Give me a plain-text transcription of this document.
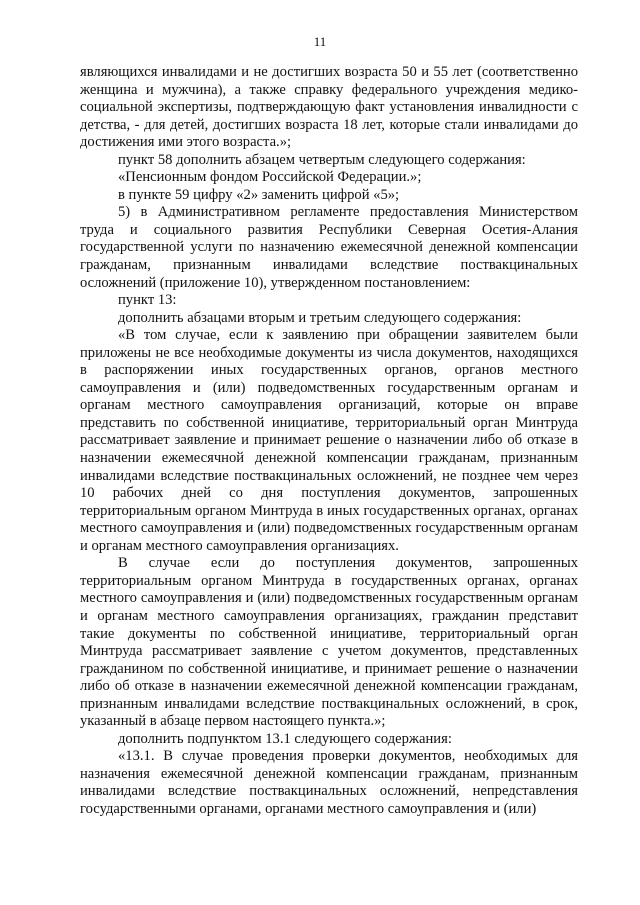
11

являющихся инвалидами и не достигших возраста 50 и 55 лет (соответственно женщина и мужчина), а также справку федерального учреждения медико-социальной экспертизы, подтверждающую факт установления инвалидности с детства, - для детей, достигших возраста 18 лет, которые стали инвалидами до достижения ими этого возраста.»;

пункт 58 дополнить абзацем четвертым следующего содержания:

«Пенсионным фондом Российской Федерации.»;

в пункте 59 цифру «2» заменить цифрой «5»;

5) в Административном регламенте предоставления Министерством труда и социального развития Республики Северная Осетия-Алания государственной услуги по назначению ежемесячной денежной компенсации гражданам, признанным инвалидами вследствие поствакцинальных осложнений (приложение 10), утвержденном постановлением:

пункт 13:

дополнить абзацами вторым и третьим следующего содержания:

«В том случае, если к заявлению при обращении заявителем были приложены не все необходимые документы из числа документов, находящихся в распоряжении иных государственных органов, органов местного самоуправления и (или) подведомственных государственным органам и органам местного самоуправления организаций, которые он вправе представить по собственной инициативе, территориальный орган Минтруда рассматривает заявление и принимает решение о назначении либо об отказе в назначении ежемесячной денежной компенсации гражданам, признанным инвалидами вследствие поствакцинальных осложнений, не позднее чем через 10 рабочих дней со дня поступления документов, запрошенных территориальным органом Минтруда в иных государственных органах, органах местного самоуправления и (или) подведомственных государственным органам и органам местного самоуправления организациях.

В случае если до поступления документов, запрошенных территориальным органом Минтруда в государственных органах, органах местного самоуправления и (или) подведомственных государственным органам и органам местного самоуправления организациях, гражданин представит такие документы по собственной инициативе, территориальный орган Минтруда рассматривает заявление с учетом документов, представленных гражданином по собственной инициативе, и принимает решение о назначении либо об отказе в назначении ежемесячной денежной компенсации гражданам, признанным инвалидами вследствие поствакцинальных осложнений, в срок, указанный в абзаце первом настоящего пункта.»;

дополнить подпунктом 13.1 следующего содержания:

«13.1. В случае проведения проверки документов, необходимых для назначения ежемесячной денежной компенсации гражданам, признанным инвалидами вследствие поствакцинальных осложнений, непредставления государственными органами, органами местного самоуправления и (или)
